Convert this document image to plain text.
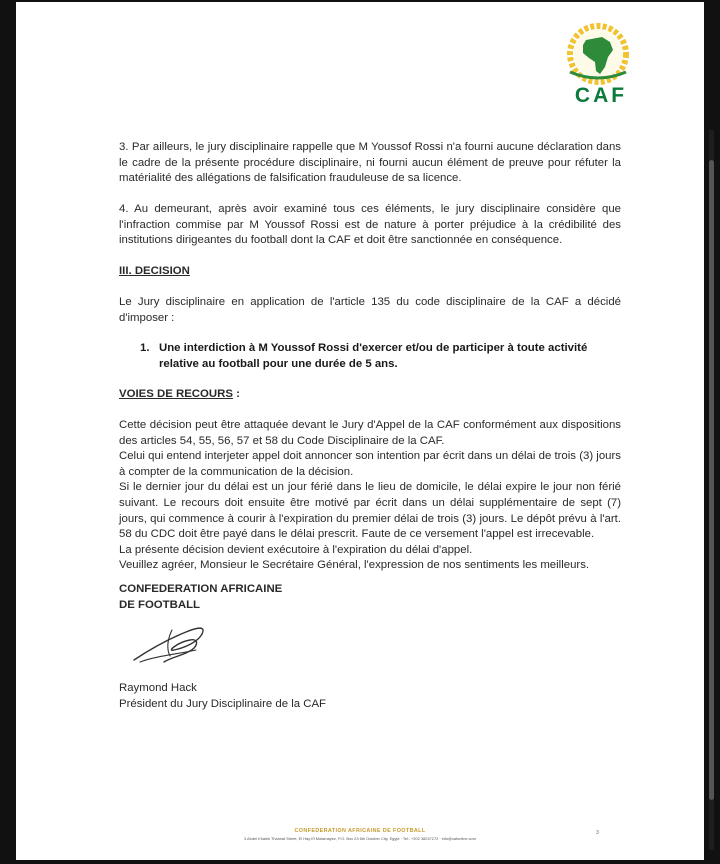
CAF

3. Par ailleurs, le jury disciplinaire rappelle que M Youssof Rossi n'a fourni aucune déclaration dans le cadre de la présente procédure disciplinaire, ni fourni aucun élément de preuve pour réfuter la matérialité des allégations de falsification frauduleuse de sa licence.

4. Au demeurant, après avoir examiné tous ces éléments, le jury disciplinaire considère que l'infraction commise par M Youssof Rossi est de nature à porter préjudice à la crédibilité des institutions dirigeantes du football dont la CAF et doit être sanctionnée en conséquence.

III. DECISION

Le Jury disciplinaire en application de l'article 135 du code disciplinaire de la CAF a décidé d'imposer :

1. Une interdiction à M Youssof Rossi d'exercer et/ou de participer à toute activité relative au football pour une durée de 5 ans.
VOIES DE RECOURS :

Cette décision peut être attaquée devant le Jury d'Appel de la CAF conformément aux dispositions des articles 54, 55, 56, 57 et 58 du Code Disciplinaire de la CAF.

Celui qui entend interjeter appel doit annoncer son intention par écrit dans un délai de trois (3) jours à compter de la communication de la décision.

Si le dernier jour du délai est un jour férié dans le lieu de domicile, le délai expire le jour non férié suivant. Le recours doit ensuite être motivé par écrit dans un délai supplémentaire de sept (7) jours, qui commence à courir à l'expiration du premier délai de trois (3) jours. Le dépôt prévu à l'art. 58 du CDC doit être payé dans le délai prescrit. Faute de ce versement l'appel est irrecevable.

La présente décision devient exécutoire à l'expiration du délai d'appel.

Veuillez agréer, Monsieur le Secrétaire Général, l'expression de nos sentiments les meilleurs.

CONFEDERATION AFRICAINE
DE FOOTBALL
Raymond Hack
Président du Jury Disciplinaire de la CAF
CONFEDERATION AFRICAINE DE FOOTBALL
3 Abdel Khalek Tharwat Street, El Hay El Motamayez, P.O. Box 23 6th October City, Egypt · Tel.: +202 38247272 · info@cafonline.com
3
